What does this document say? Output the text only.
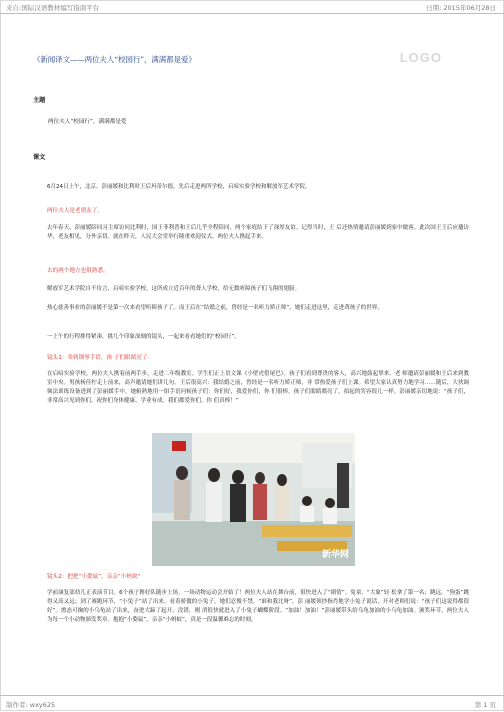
来自:国际汉语教材编写指南平台	日期: 2015年06月28日
LOGO
《新闻译文——两位夫人“校园行”，满满都是爱》
主题
两位夫人“校园行”，满满都是爱
课文
6月24日上午，北京。彭丽媛和比利时王后玛蒂尔德，先后走进两所学校，启喑实验学校和解放军艺术学院。
两位夫人是老朋友了。
去年春天，彭丽媛陪同习主席访问比利时，国王菲利普和王后几乎全程陪同，两个家庭结下了深厚友谊。记得当时，王 后还热情邀请彭丽媛到家中做客。此次国王王后应邀访华，老友相见，分外亲切。就在昨天，人民大会堂举行隆重欢迎仪式，两位夫人携起手来。
去的两个地方也很熟悉。
解放军艺术学院自不待言，启喑实验学校，这所成立近百年的聋人学校，给无数听障孩子们飞翔的翅膀。
热心慈善事业的彭丽媛不是第一次来看望听障孩子了。而王后在“结婚之前，曾经是一名听力矫正师”。她们走进这里，走进聋孩子的世界。
一上午的行程排得紧凑。挑几个印象深刻的镜头，一起来看看她们的“校园行”。
镜头1：牵到钢琴手语，孩 子们眼睛亮了
在启喑实验学校，两位夫人携着前两手步，走进二年级教室。学生们正上语文课《小壁虎借尾巴》。孩子们看到尊贵的客人，高兴地鼓起掌来。老 师邀请彭丽媛和王后来到教室中央。男孩杨佳柠走上前来，高声邀请她们讲几句。王后很高兴：我结婚之前，曾经是一名听力矫正师，非 常热爱孩子们上课。希望大家认真努力地学习……随后，大伙调频法训练设备进到了彭丽媛手中。她俯熟地用一组手语问候孩子们：你们好，我爱你们，你 们很棒。孩子们眼睛都亮了，拍起的笑容很几一样。彭丽媛亲切地说：“孩子们，非常高兴见到你们，祝你们身体健康、学业有成。我们都爱你们，你 们真棒！”
新华网
镜头2：把把“小姿鼠”，亲亲“小蚂蚁”
学前康复部幼儿正表演节目。6个孩子搀好队随步上场，一场动物运动会开始了！两位夫人站在舞台前，很快进入了“剧情”。兔童，“大象”轻 松拿了第一名；跳远，“狗蛋”跳得又高又远；到了赛跑环节，“小兔子”站了出来。看着骄傲的小兔子，她们忍俊不禁。“谁和我比呀”，彭 丽媛领抄指肖地学小兔子说话，开对老师们说：“孩子们这说得都很好”。憨态可掬的小乌龟站了出来，奋进大蹄了起开。没错，刚 消很快就进入了小兔子蝴蝶阶段。“加油！加油！”彭丽媛带头给乌龟加油的小乌龟加油。颁奖环节，两位夫人为每一个小动物颁发奖章。抱抱“小姿鼠”，亲亲“小蚂蚁”，真是一段温馨难忘的时刻。
制作者: wxy625	第 1 页
